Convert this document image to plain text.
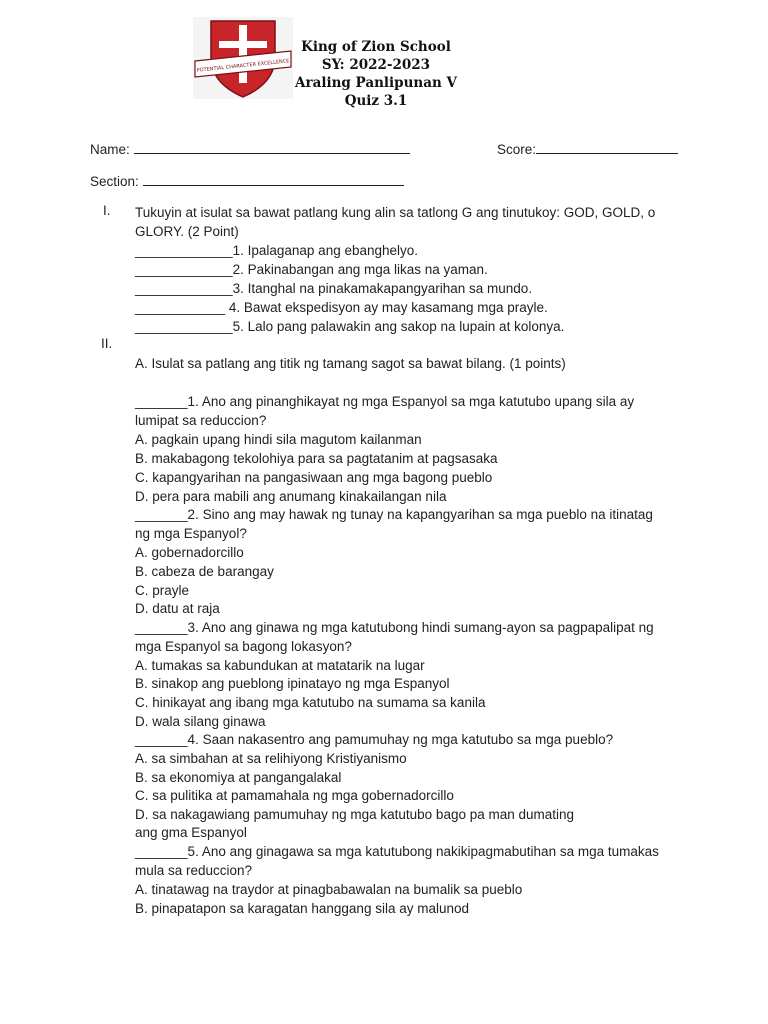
POTENTIAL CHARACTER EXCELLENCE
King of Zion School
SY: 2022-2023
Araling Panlipunan V
Quiz 3.1
Name:	Score:
Section:
I. Tukuyin at isulat sa bawat patlang kung alin sa tatlong G ang tinutukoy: GOD, GOLD, o
GLORY. (2 Point)
_____________1. Ipalaganap ang ebanghelyo.
_____________2. Pakinabangan ang mga likas na yaman.
_____________3. Itanghal na pinakamakapangyarihan sa mundo.
____________ 4. Bawat ekspedisyon ay may kasamang mga prayle.
_____________5. Lalo pang palawakin ang sakop na lupain at kolonya.
II.
A. Isulat sa patlang ang titik ng tamang sagot sa bawat bilang. (1 points)
_______1. Ano ang pinanghikayat ng mga Espanyol sa mga katutubo upang sila ay
lumipat sa reduccion?
A. pagkain upang hindi sila magutom kailanman
B. makabagong tekolohiya para sa pagtatanim at pagsasaka
C. kapangyarihan na pangasiwaan ang mga bagong pueblo
D. pera para mabili ang anumang kinakailangan nila
_______2. Sino ang may hawak ng tunay na kapangyarihan sa mga pueblo na itinatag
ng mga Espanyol?
A. gobernadorcillo
B. cabeza de barangay
C. prayle
D. datu at raja
_______3. Ano ang ginawa ng mga katutubong hindi sumang-ayon sa pagpapalipat ng
mga Espanyol sa bagong lokasyon?
A. tumakas sa kabundukan at matatarik na lugar
B. sinakop ang pueblong ipinatayo ng mga Espanyol
C. hinikayat ang ibang mga katutubo na sumama sa kanila
D. wala silang ginawa
_______4. Saan nakasentro ang pamumuhay ng mga katutubo sa mga pueblo?
A. sa simbahan at sa relihiyong Kristiyanismo
B. sa ekonomiya at pangangalakal
C. sa pulitika at pamamahala ng mga gobernadorcillo
D. sa nakagawiang pamumuhay ng mga katutubo bago pa man dumating
ang gma Espanyol
_______5. Ano ang ginagawa sa mga katutubong nakikipagmabutihan sa mga tumakas
mula sa reduccion?
A. tinatawag na traydor at pinagbabawalan na bumalik sa pueblo
B. pinapatapon sa karagatan hanggang sila ay malunod
